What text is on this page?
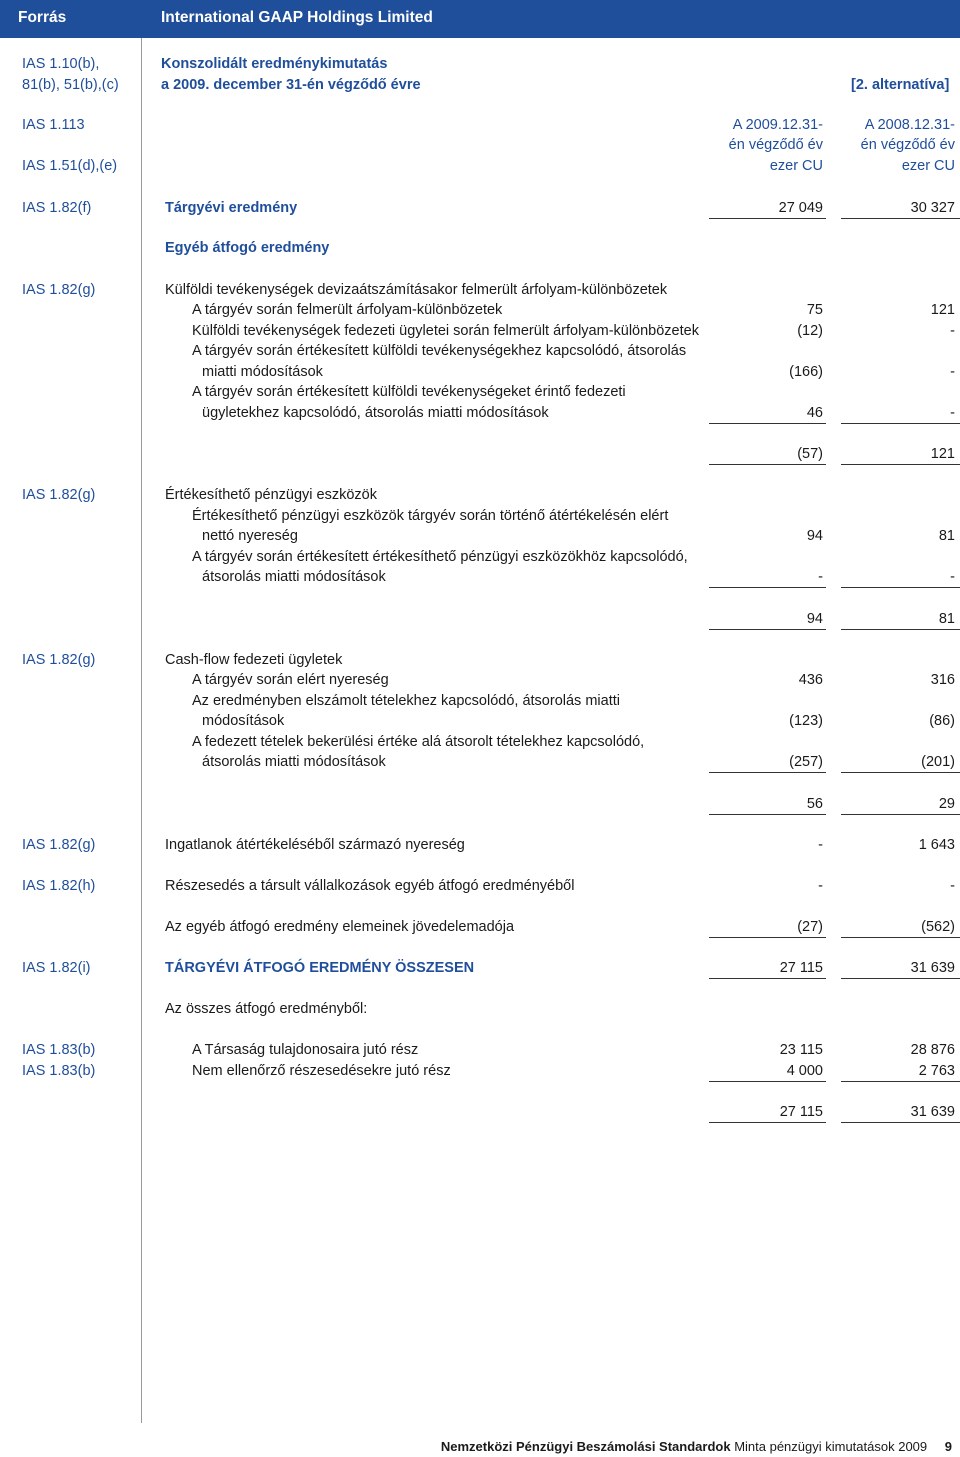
Forrás	International GAAP Holdings Limited
IAS 1.10(b),
81(b), 51(b),(c)
Konszolidált eredménykimutatás
a 2009. december 31-én végződő évre	[2. alternatíva]
IAS 1.113
IAS 1.51(d),(e)
A 2009.12.31-
én végződő év
ezer CU
A 2008.12.31-
én végződő év
ezer CU
IAS 1.82(f)	Tárgyévi eredmény	27 049	30 327
Egyéb átfogó eredmény
IAS 1.82(g)	Külföldi tevékenységek devizaátszámításakor felmerült árfolyam-különbözetek
A tárgyév során felmerült árfolyam-különbözetek	75	121
Külföldi tevékenységek fedezeti ügyletei során felmerült árfolyam-különbözetek	(12)	-
A tárgyév során értékesített külföldi tevékenységekhez kapcsolódó, átsorolás
miatti módosítások	(166)	-
A tárgyév során értékesített külföldi tevékenységeket érintő fedezeti
ügyletekhez kapcsolódó, átsorolás miatti módosítások	46	-
(57)	121
IAS 1.82(g)	Értékesíthető pénzügyi eszközök
Értékesíthető pénzügyi eszközök tárgyév során történő átértékelésén elért
nettó nyereség	94	81
A tárgyév során értékesített értékesíthető pénzügyi eszközökhöz kapcsolódó,
átsorolás miatti módosítások	-	-
94	81
IAS 1.82(g)	Cash-flow fedezeti ügyletek
A tárgyév során elért nyereség	436	316
Az eredményben elszámolt tételekhez kapcsolódó, átsorolás miatti
módosítások	(123)	(86)
A fedezett tételek bekerülési értéke alá átsorolt tételekhez kapcsolódó,
átsorolás miatti módosítások	(257)	(201)
56	29
IAS 1.82(g)	Ingatlanok átértékeléséből származó nyereség	-	1 643
IAS 1.82(h)	Részesedés a társult vállalkozások egyéb átfogó eredményéből	-	-
Az egyéb átfogó eredmény elemeinek jövedelemadója	(27)	(562)
IAS 1.82(i)	TÁRGYÉVI ÁTFOGÓ EREDMÉNY ÖSSZESEN	27 115	31 639
Az összes átfogó eredményből:
IAS 1.83(b)	A Társaság tulajdonosaira jutó rész	23 115	28 876
IAS 1.83(b)	Nem ellenőrző részesedésekre jutó rész	4 000	2 763
27 115	31 639
Nemzetközi Pénzügyi Beszámolási Standardok Minta pénzügyi kimutatások 2009 9
